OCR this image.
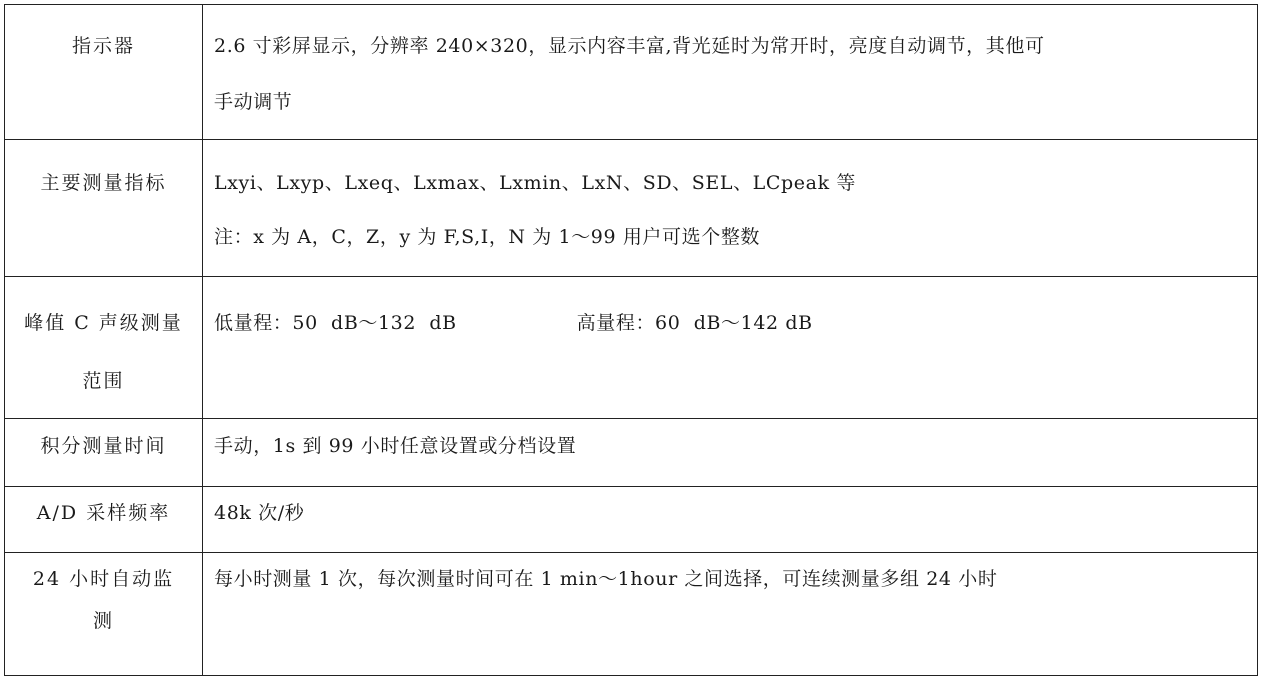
指示器	2.6 寸彩屏显示，分辨率 240×320，显示内容丰富,背光延时为常开时，亮度自动调节，其他可
手动调节

主要测量指标	Lxyi、Lxyp、Lxeq、Lxmax、Lxmin、LxN、SD、SEL、LCpeak 等
注：x 为 A，C，Z，y 为 F,S,I，N 为 1～99 用户可选个整数

峰值 C 声级测量
范围	低量程：50  dB～132  dB 高量程：60  dB～142 dB

积分测量时间	手动，1s 到 99 小时任意设置或分档设置

A/D 采样频率	48k 次/秒

24 小时自动监
测	每小时测量 1 次，每次测量时间可在 1 min～1hour 之间选择，可连续测量多组 24 小时
